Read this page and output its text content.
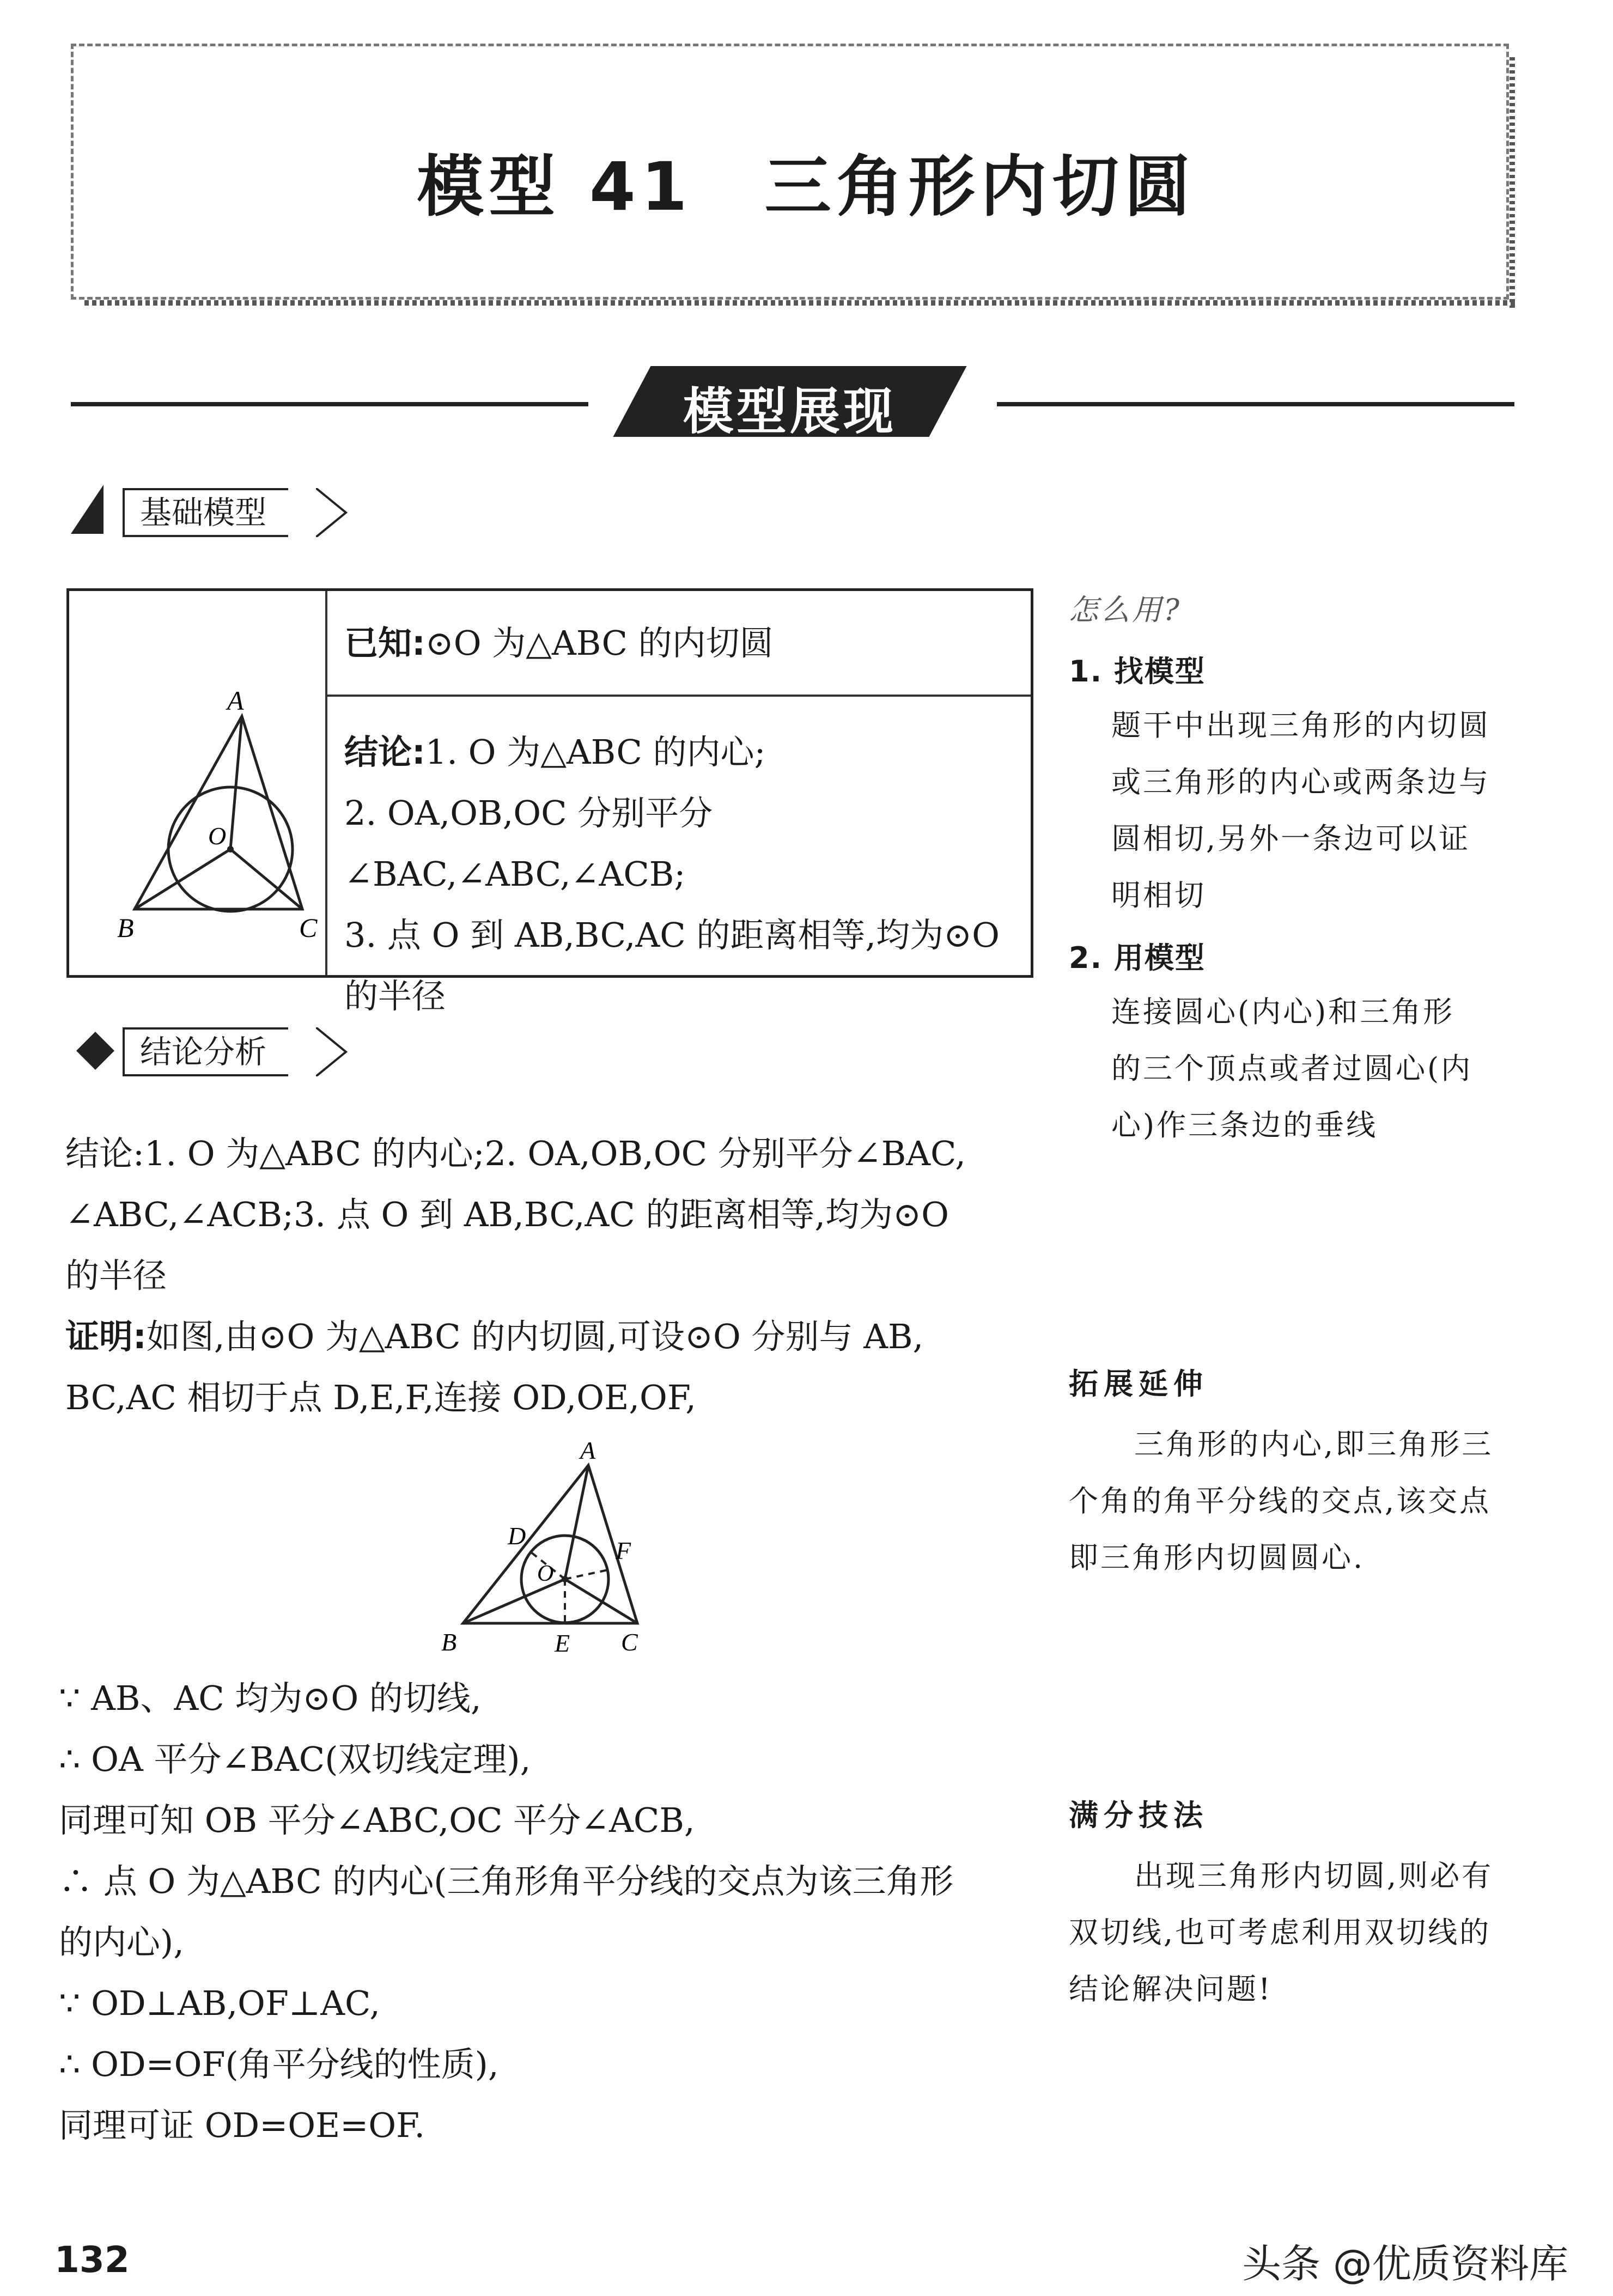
模型 41　三角形内切圆
模型展现
基础模型
A
B	C
O
已知:⊙O 为△ABC 的内切圆
结论:1. O 为△ABC 的内心;
2. OA,OB,OC 分别平分∠BAC,∠ABC,∠ACB;
3. 点 O 到 AB,BC,AC 的距离相等,均为⊙O
的半径
结论分析
结论:1. O 为△ABC 的内心;2. OA,OB,OC 分别平分∠BAC,
∠ABC,∠ACB;3. 点 O 到 AB,BC,AC 的距离相等,均为⊙O
的半径
证明:如图,由⊙O 为△ABC 的内切圆,可设⊙O 分别与 AB,
BC,AC 相切于点 D,E,F,连接 OD,OE,OF,
A
B	C
D
E
F
O
∵ AB、AC 均为⊙O 的切线,
∴ OA 平分∠BAC(双切线定理),
同理可知 OB 平分∠ABC,OC 平分∠ACB,
∴ 点 O 为△ABC 的内心(三角形角平分线的交点为该三角形
的内心),
∵ OD⊥AB,OF⊥AC,
∴ OD=OF(角平分线的性质),
同理可证 OD=OE=OF.
怎么用?
1. 找模型
题干中出现三角形的内切圆
或三角形的内心或两条边与
圆相切,另外一条边可以证
明相切
2. 用模型
连接圆心(内心)和三角形
的三个顶点或者过圆心(内
心)作三条边的垂线
拓展延伸
三角形的内心,即三角形三
个角的角平分线的交点,该交点
即三角形内切圆圆心.
满分技法
出现三角形内切圆,则必有
双切线,也可考虑利用双切线的
结论解决问题!
132	头条 @优质资料库
